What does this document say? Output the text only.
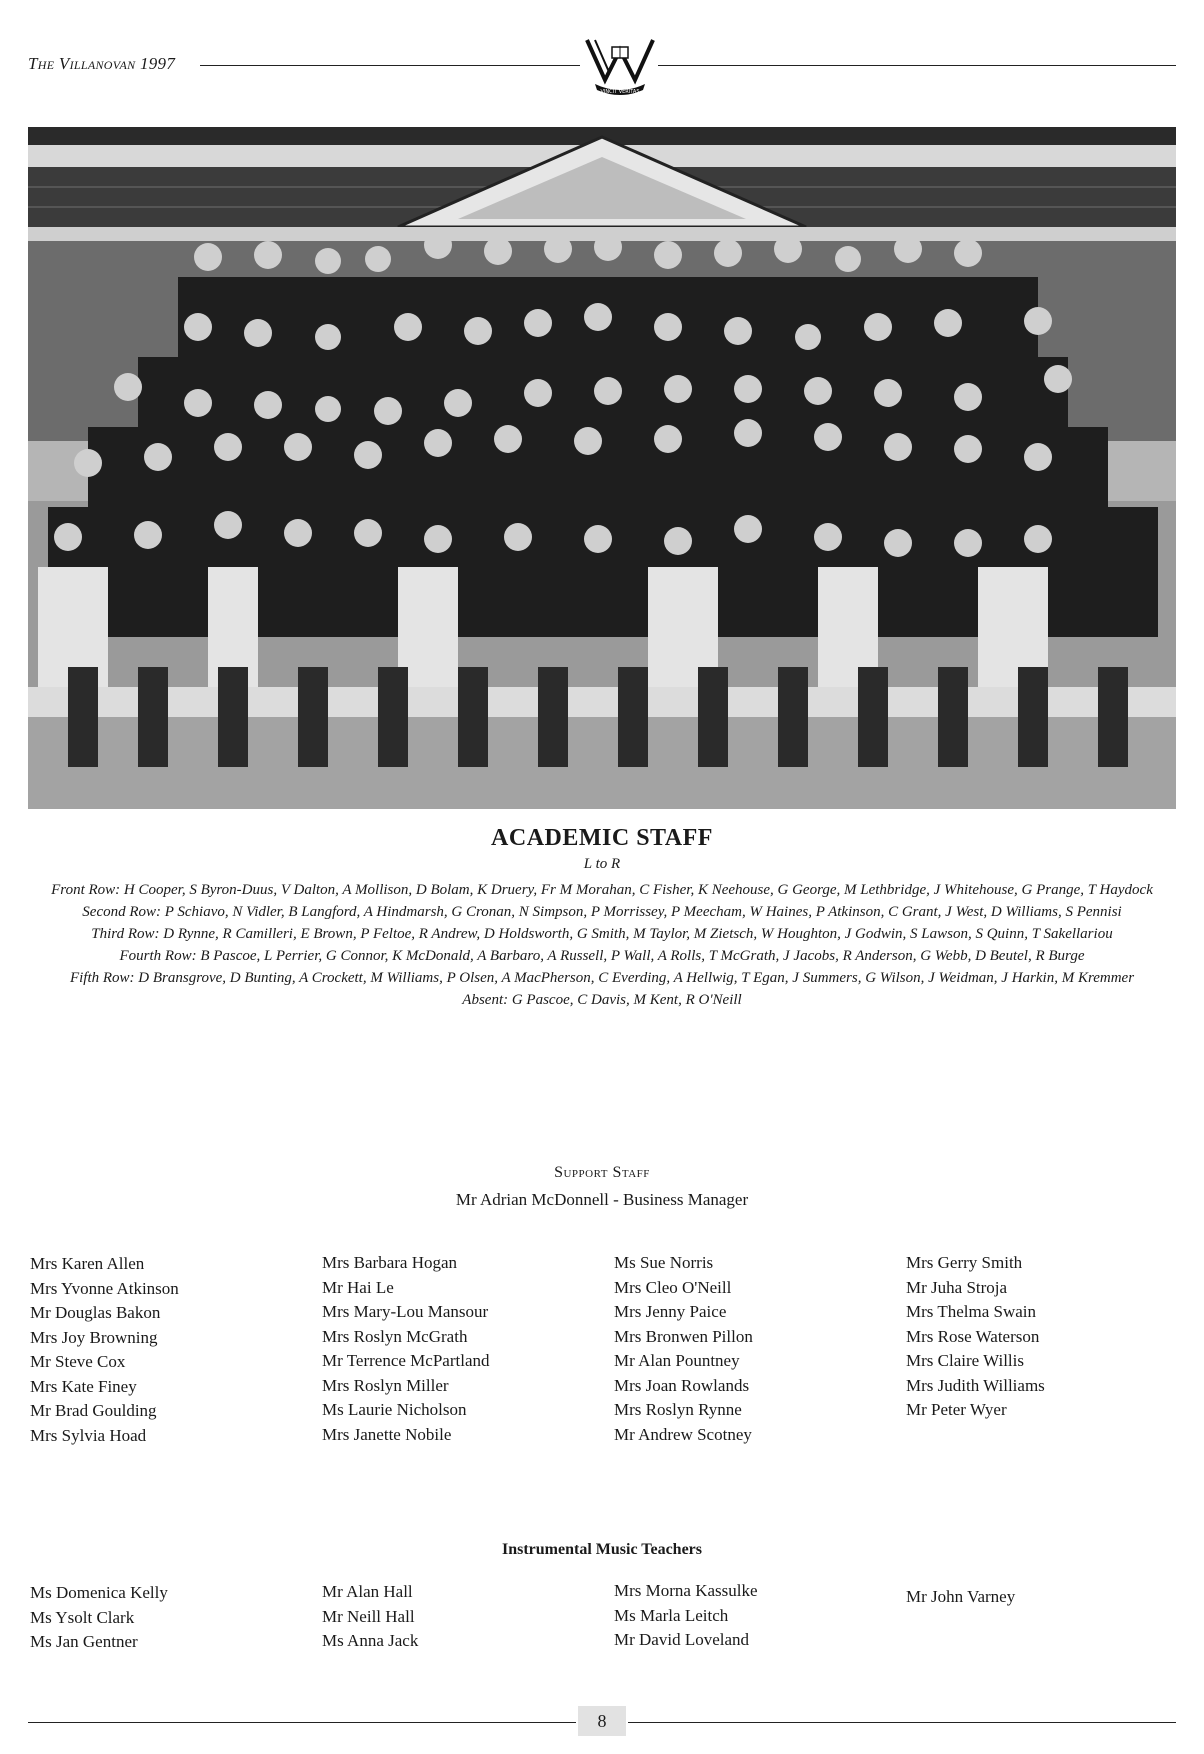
The Villanovan 1997
VINCIT VERITAS
ACADEMIC STAFF
L to R

Front Row: H Cooper, S Byron-Duus, V Dalton, A Mollison, D Bolam, K Druery, Fr M Morahan, C Fisher, K Neehouse, G George, M Lethbridge, J Whitehouse, G Prange, T Haydock

Second Row: P Schiavo, N Vidler, B Langford, A Hindmarsh, G Cronan, N Simpson, P Morrissey, P Meecham, W Haines, P Atkinson, C Grant, J West, D Williams, S Pennisi

Third Row: D Rynne, R Camilleri, E Brown, P Feltoe, R Andrew, D Holdsworth, G Smith, M Taylor, M Zietsch, W Houghton, J Godwin, S Lawson, S Quinn, T Sakellariou

Fourth Row: B Pascoe, L Perrier, G Connor, K McDonald, A Barbaro, A Russell, P Wall, A Rolls, T McGrath, J Jacobs, R Anderson, G Webb, D Beutel, R Burge

Fifth Row: D Bransgrove, D Bunting, A Crockett, M Williams, P Olsen, A MacPherson, C Everding, A Hellwig, T Egan, J Summers, G Wilson, J Weidman, J Harkin, M Kremmer

Absent: G Pascoe, C Davis, M Kent, R O'Neill

Support Staff
Mr Adrian McDonnell - Business Manager
Mrs Karen Allen
Mrs Yvonne Atkinson
Mr Douglas Bakon
Mrs Joy Browning
Mr Steve Cox
Mrs Kate Finey
Mr Brad Goulding
Mrs Sylvia Hoad
Mrs Barbara Hogan
Mr Hai Le
Mrs Mary-Lou Mansour
Mrs Roslyn McGrath
Mr Terrence McPartland
Mrs Roslyn Miller
Ms Laurie Nicholson
Mrs Janette Nobile
Ms Sue Norris
Mrs Cleo O'Neill
Mrs Jenny Paice
Mrs Bronwen Pillon
Mr Alan Pountney
Mrs Joan Rowlands
Mrs Roslyn Rynne
Mr Andrew Scotney
Mrs Gerry Smith
Mr Juha Stroja
Mrs Thelma Swain
Mrs Rose Waterson
Mrs Claire Willis
Mrs Judith Williams
Mr Peter Wyer
Instrumental Music Teachers
Ms Domenica Kelly
Ms Ysolt Clark
Ms Jan Gentner
Mr Alan Hall
Mr Neill Hall
Ms Anna Jack
Mrs Morna Kassulke
Ms Marla Leitch
Mr David Loveland
Mr John Varney
8
